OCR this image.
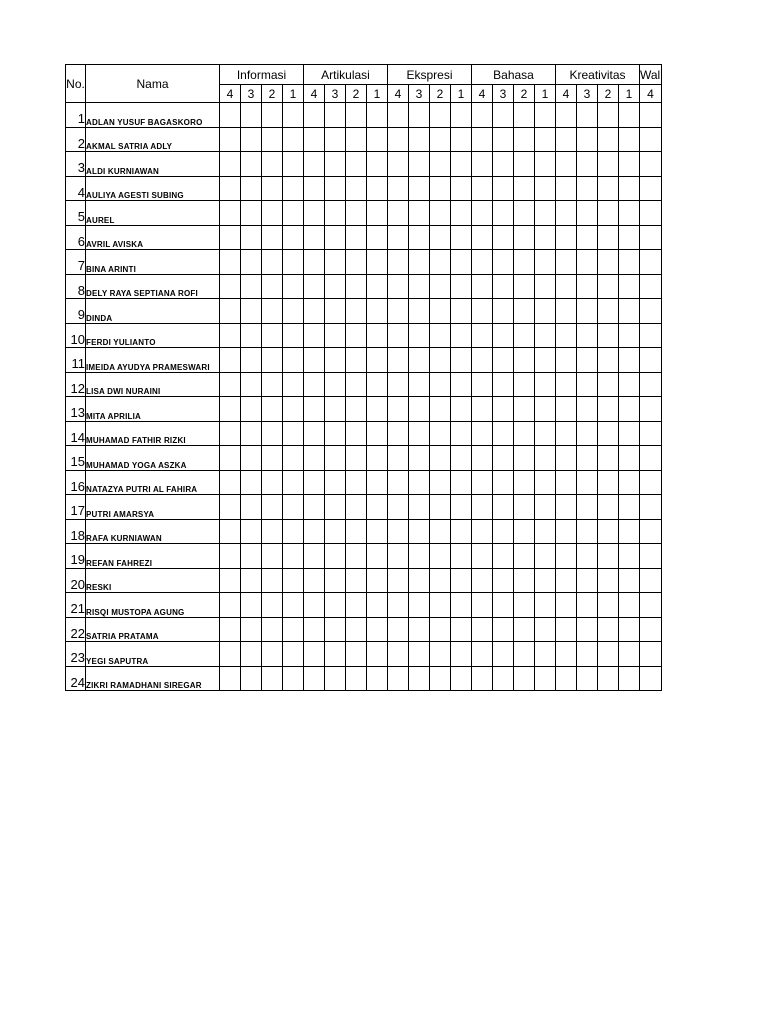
No.	Nama	Informasi				Artikulasi				Ekspresi				Bahasa				Kreativitas				Wal
		4	3	2	1	4	3	2	1	4	3	2	1	4	3	2	1	4	3	2	1	4
1	ADLAN YUSUF BAGASKORO																					
2	AKMAL SATRIA ADLY																					
3	ALDI KURNIAWAN																					
4	AULIYA AGESTI SUBING																					
5	AUREL																					
6	AVRIL AVISKA																					
7	BINA ARINTI																					
8	DELY RAYA SEPTIANA ROFI																					
9	DINDA																					
10	FERDI YULIANTO																					
11	IMEIDA AYUDYA PRAMESWARI																					
12	LISA DWI NURAINI																					
13	MITA APRILIA																					
14	MUHAMAD FATHIR RIZKI																					
15	MUHAMAD YOGA ASZKA																					
16	NATAZYA PUTRI AL FAHIRA																					
17	PUTRI AMARSYA																					
18	RAFA KURNIAWAN																					
19	REFAN FAHREZI																					
20	RESKI																					
21	RISQI MUSTOPA AGUNG																					
22	SATRIA PRATAMA																					
23	YEGI SAPUTRA																					
24	ZIKRI RAMADHANI SIREGAR																					
